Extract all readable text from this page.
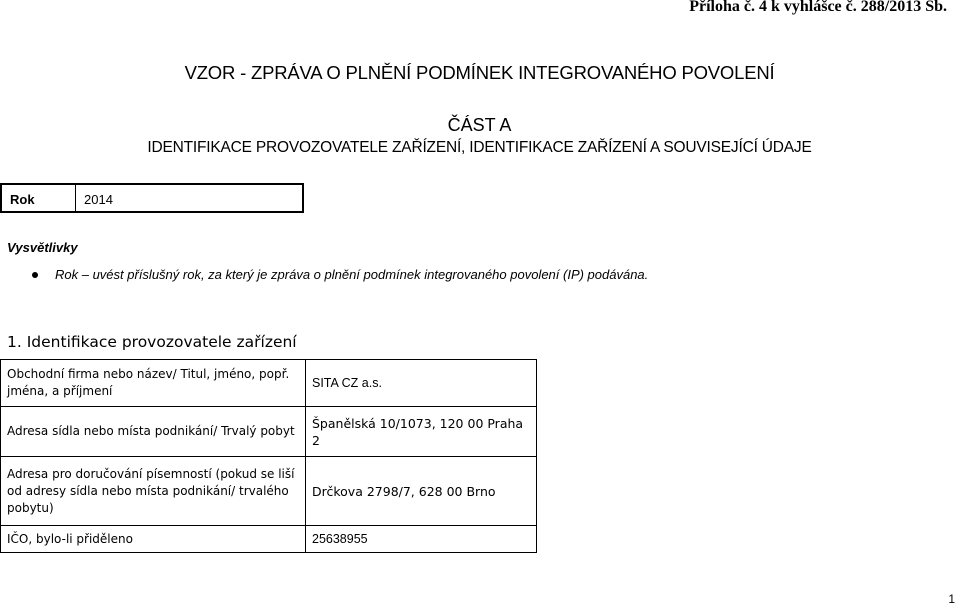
Příloha č. 4 k vyhlášce č. 288/2013 Sb.
VZOR - ZPRÁVA O PLNĚNÍ PODMÍNEK INTEGROVANÉHO POVOLENÍ
ČÁST A
IDENTIFIKACE PROVOZOVATELE ZAŘÍZENÍ, IDENTIFIKACE ZAŘÍZENÍ A SOUVISEJÍCÍ ÚDAJE
Rok	2014
Vysvětlivky
Rok – uvést příslušný rok, za který je zpráva o plnění podmínek integrovaného povolení (IP) podávána.
1. Identifikace provozovatele zařízení
Obchodní firma nebo název/ Titul, jméno, popř. jména, a příjmení	SITA CZ a.s.
Adresa sídla nebo místa podnikání/ Trvalý pobyt	Španělská 10/1073, 120 00 Praha 2
Adresa pro doručování písemností (pokud se liší od adresy sídla nebo místa podnikání/ trvalého pobytu)	Drčkova 2798/7, 628 00 Brno
IČO, bylo-li přiděleno	25638955
1
